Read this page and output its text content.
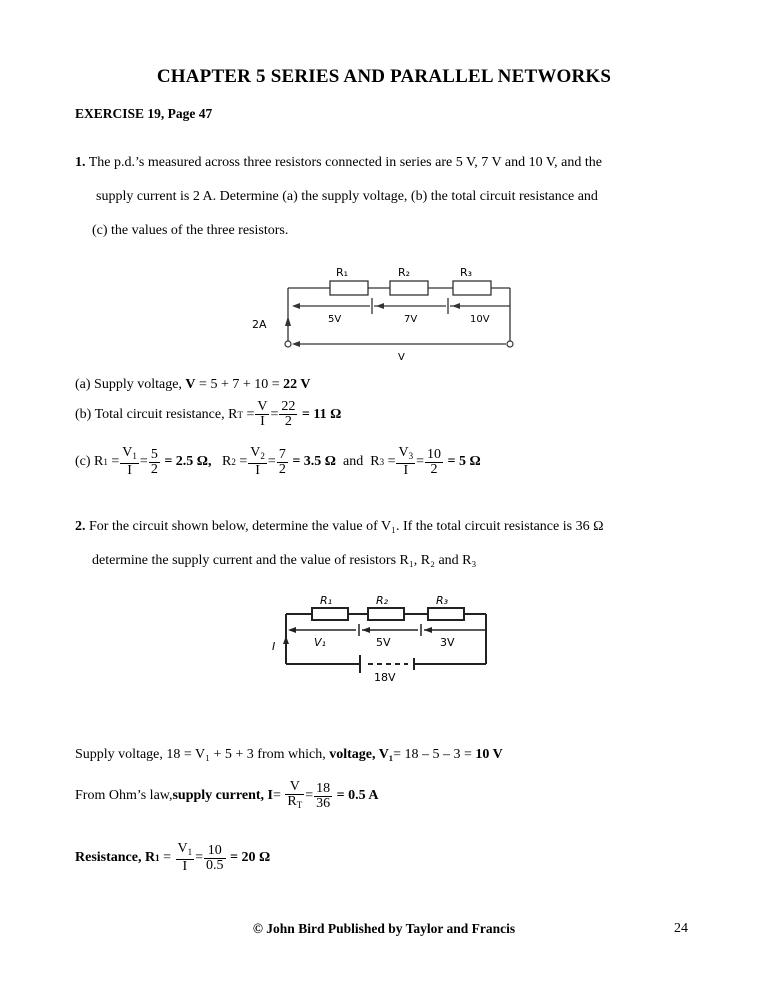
CHAPTER 5 SERIES AND PARALLEL NETWORKS
EXERCISE 19, Page 47
1. The p.d.’s measured across three resistors connected in series are 5 V, 7 V and 10 V, and the
supply current is 2 A. Determine (a) the supply voltage, (b) the total circuit resistance and
(c) the values of the three resistors.
R₁	R₂	R₃
5V	7V	10V
2A
V
(a) Supply voltage, V = 5 + 7 + 10 = 22 V
(b) Total circuit resistance,
R $T = \frac{V}{I} = \frac{22}{2}$
= 11 Ω
(c)
R $1 = \frac{V_1}{I} = \frac{5}{2}$
= 2.5 Ω,
R $2 = \frac{V_2}{I} = \frac{7}{2}$
= 3.5 Ω
and
R $3 = \frac{V_3}{I} = \frac{10}{2}$
= 5 Ω
2. For the circuit shown below, determine the value of V₁. If the total circuit resistance is 36 Ω
determine the supply current and the value of resistors R₁, R₂ and R₃
R₁	R₂	R₃
V₁	5V	3V
I
18V
Supply voltage, 18 = V₁ + 5 + 3 from which, voltage, V₁= 18 – 5 – 3 = 10 V
From Ohm’s law, supply current, I =
$\frac{V}{R_T} = \frac{18}{36}$
= 0.5 A
Resistance, R 1
=
$\frac{V_1}{I} = \frac{10}{0.5}$
= 20 Ω
© John Bird Published by Taylor and Francis	24
